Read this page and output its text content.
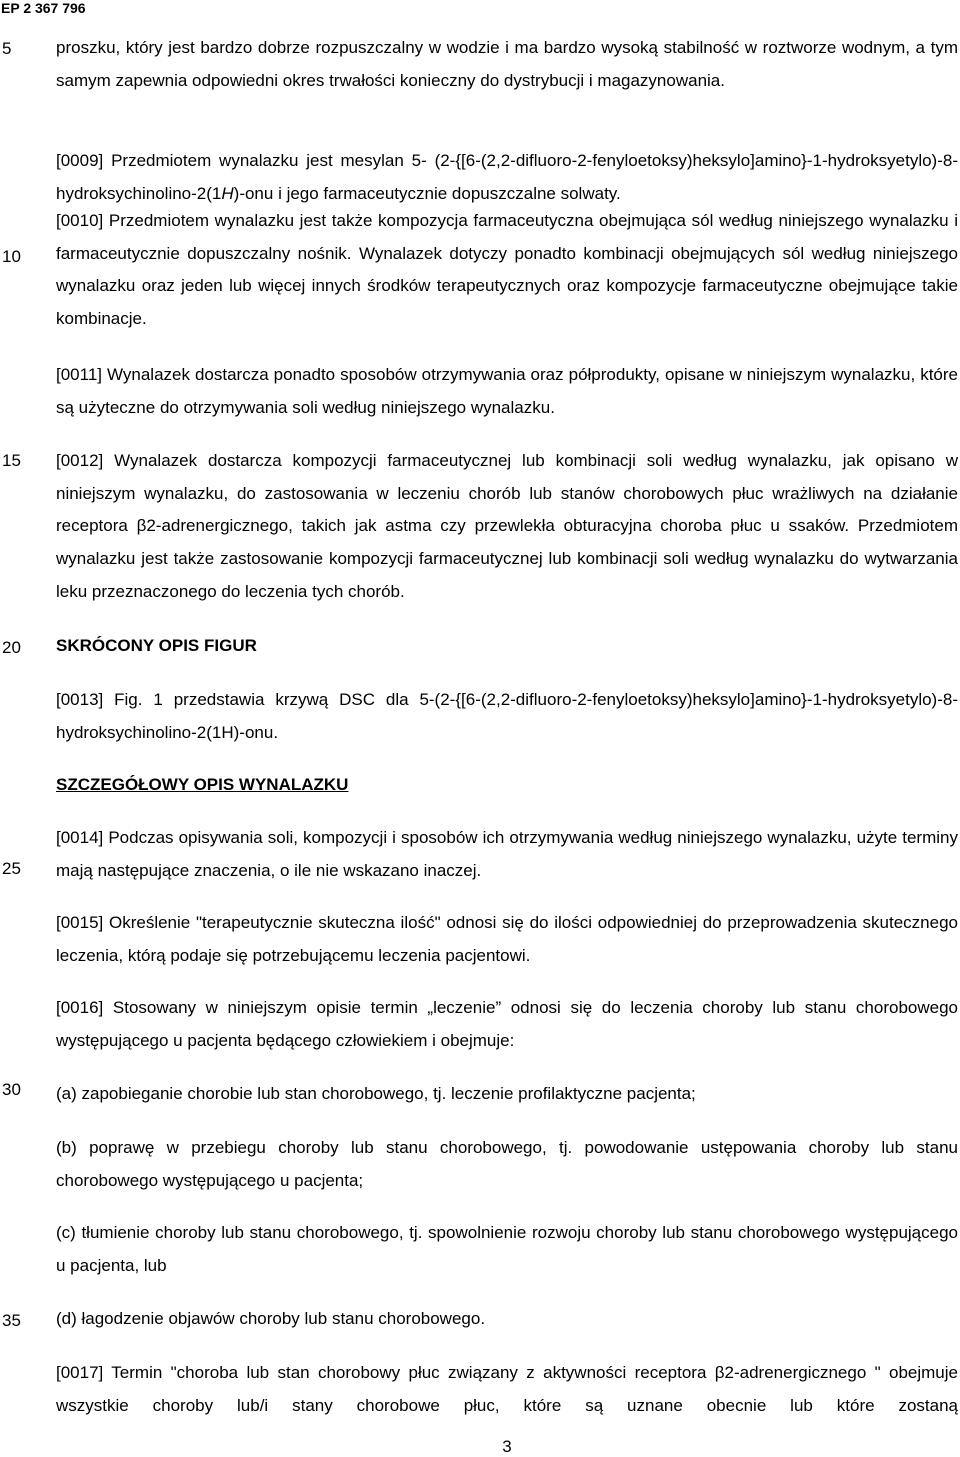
EP 2 367 796
5
10
15
20
25
30
35

proszku, który jest bardzo dobrze rozpuszczalny w wodzie i ma bardzo wysoką stabilność w roztworze wodnym, a tym samym zapewnia odpowiedni okres trwałości konieczny do dystrybucji i magazynowania.

[0009] Przedmiotem wynalazku jest mesylan 5- (2-{[6-(2,2-difluoro-2-fenyloetoksy)heksylo]amino}-1-hydroksyetylo)-8-hydroksychinolino-2(1H)-onu i jego farmaceutycznie dopuszczalne solwaty.

[0010] Przedmiotem wynalazku jest także kompozycja farmaceutyczna obejmująca sól według niniejszego wynalazku i farmaceutycznie dopuszczalny nośnik. Wynalazek dotyczy ponadto kombinacji obejmujących sól według niniejszego wynalazku oraz jeden lub więcej innych środków terapeutycznych oraz kompozycje farmaceutyczne obejmujące takie kombinacje.

[0011] Wynalazek dostarcza ponadto sposobów otrzymywania oraz półprodukty, opisane w niniejszym wynalazku, które są użyteczne do otrzymywania soli według niniejszego wynalazku.

[0012] Wynalazek dostarcza kompozycji farmaceutycznej lub kombinacji soli według wynalazku, jak opisano w niniejszym wynalazku, do zastosowania w leczeniu chorób lub stanów chorobowych płuc wrażliwych na działanie receptora β2-adrenergicznego, takich jak astma czy przewlekła obturacyjna choroba płuc u ssaków. Przedmiotem wynalazku jest także zastosowanie kompozycji farmaceutycznej lub kombinacji soli według wynalazku do wytwarzania leku przeznaczonego do leczenia tych chorób.

SKRÓCONY OPIS FIGUR

[0013] Fig. 1 przedstawia krzywą DSC dla 5-(2-{[6-(2,2-difluoro-2-fenyloetoksy)heksylo]amino}-1-hydroksyetylo)-8-hydroksychinolino-2(1H)-onu.

SZCZEGÓŁOWY OPIS WYNALAZKU

[0014] Podczas opisywania soli, kompozycji i sposobów ich otrzymywania według niniejszego wynalazku, użyte terminy mają następujące znaczenia, o ile nie wskazano inaczej.

[0015] Określenie "terapeutycznie skuteczna ilość" odnosi się do ilości odpowiedniej do przeprowadzenia skutecznego leczenia, którą podaje się potrzebującemu leczenia pacjentowi.

[0016] Stosowany w niniejszym opisie termin „leczenie” odnosi się do leczenia choroby lub stanu chorobowego występującego u pacjenta będącego człowiekiem i obejmuje:

(a) zapobieganie chorobie lub stan chorobowego, tj. leczenie profilaktyczne pacjenta;

(b) poprawę w przebiegu choroby lub stanu chorobowego, tj. powodowanie ustępowania choroby lub stanu chorobowego występującego u pacjenta;

(c) tłumienie choroby lub stanu chorobowego, tj. spowolnienie rozwoju choroby lub stanu chorobowego występującego u pacjenta, lub

(d) łagodzenie objawów choroby lub stanu chorobowego.

[0017] Termin "choroba lub stan chorobowy płuc związany z aktywności receptora β2-adrenergicznego " obejmuje wszystkie choroby lub/i stany chorobowe płuc, które są uznane obecnie lub które zostaną

3
